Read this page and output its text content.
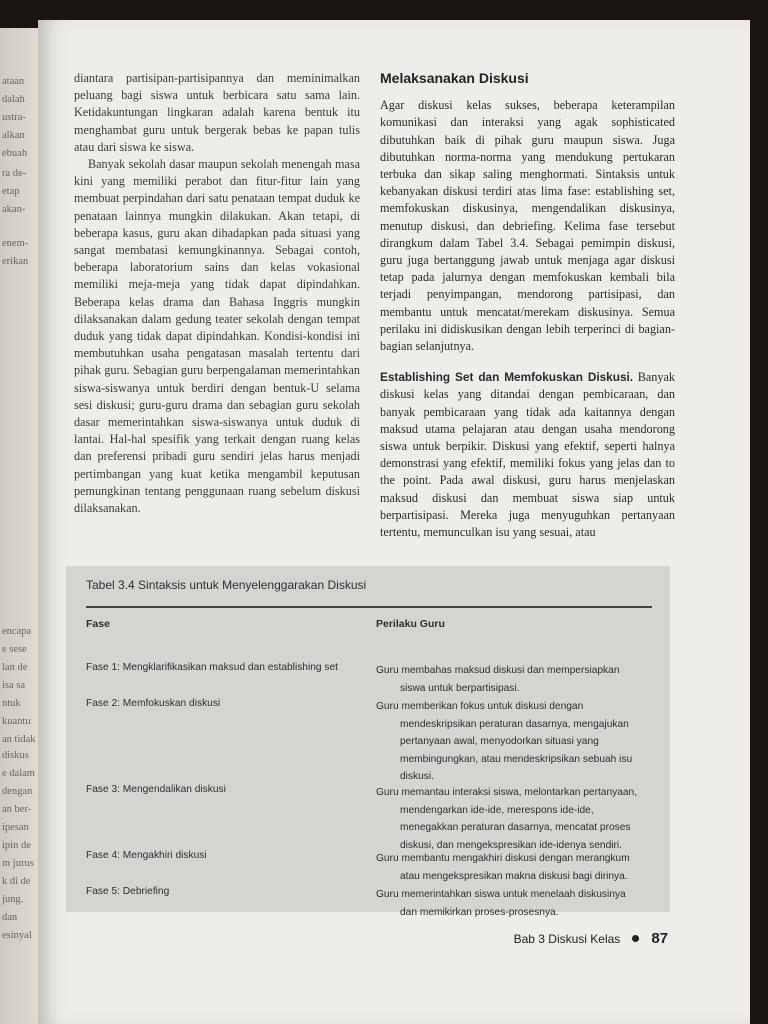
ataan
dalah
ustra-
alkan
ebuah
ra de-
etap
akan-
enem-
erikan
encapa
e sese
lan de
isa sa
ntuk
kuantu
an tidak
diskus
e dalam
dengan
an ber-
ipesan
ipin de
m jurus
k di de
jung.
dan
esinyal

diantara partisipan-partisipannya dan meminimalkan peluang bagi siswa untuk berbicara satu sama lain. Ketidakuntungan lingkaran adalah karena bentuk itu menghambat guru untuk bergerak bebas ke papan tulis atau dari siswa ke siswa.

Banyak sekolah dasar maupun sekolah menengah masa kini yang memiliki perabot dan fitur-fitur lain yang membuat perpindahan dari satu penataan tempat duduk ke penataan lainnya mungkin dilakukan. Akan tetapi, di beberapa kasus, guru akan dihadapkan pada situasi yang sangat membatasi kemungkinannya. Sebagai contoh, beberapa laboratorium sains dan kelas vokasional memiliki meja-meja yang tidak dapat dipindahkan. Beberapa kelas drama dan Bahasa Inggris mungkin dilaksanakan dalam gedung teater sekolah dengan tempat duduk yang tidak dapat dipindahkan. Kondisi-kondisi ini membutuhkan usaha pengatasan masalah tertentu dari pihak guru. Sebagian guru berpengalaman memerintahkan siswa-siswanya untuk berdiri dengan bentuk-U selama sesi diskusi; guru-guru drama dan sebagian guru sekolah dasar memerintahkan siswa-siswanya untuk duduk di lantai. Hal-hal spesifik yang terkait dengan ruang kelas dan preferensi pribadi guru sendiri jelas harus menjadi pertimbangan yang kuat ketika mengambil keputusan pemungkinan tentang penggunaan ruang sebelum diskusi dilaksanakan.

Melaksanakan Diskusi

Agar diskusi kelas sukses, beberapa keterampilan komunikasi dan interaksi yang agak sophisticated dibutuhkan baik di pihak guru maupun siswa. Juga dibutuhkan norma-norma yang mendukung pertukaran terbuka dan sikap saling menghormati. Sintaksis untuk kebanyakan diskusi terdiri atas lima fase: establishing set, memfokuskan diskusinya, mengendalikan diskusinya, menutup diskusi, dan debriefing. Kelima fase tersebut dirangkum dalam Tabel 3.4. Sebagai pemimpin diskusi, guru juga bertanggung jawab untuk menjaga agar diskusi tetap pada jalurnya dengan memfokuskan kembali bila terjadi penyimpangan, mendorong partisipasi, dan membantu untuk mencatat/merekam diskusinya. Semua perilaku ini didiskusikan dengan lebih terperinci di bagian-bagian selanjutnya.

Establishing Set dan Memfokuskan Diskusi. Banyak diskusi kelas yang ditandai dengan pembicaraan, dan banyak pembicaraan yang tidak ada kaitannya dengan maksud utama pelajaran atau dengan usaha mendorong siswa untuk berpikir. Diskusi yang efektif, seperti halnya demonstrasi yang efektif, memiliki fokus yang jelas dan to the point. Pada awal diskusi, guru harus menjelaskan maksud diskusi dan membuat siswa siap untuk berpartisipasi. Mereka juga menyuguhkan pertanyaan tertentu, memunculkan isu yang sesuai, atau

Tabel 3.4 Sintaksis untuk Menyelenggarakan Diskusi
Fase	Perilaku Guru
Fase 1: Mengklarifikasikan maksud dan establishing set	Guru membahas maksud diskusi dan mempersiapkan
siswa untuk berpartisipasi.
Fase 2: Memfokuskan diskusi	Guru memberikan fokus untuk diskusi dengan
mendeskripsikan peraturan dasarnya, mengajukan
pertanyaan awal, menyodorkan situasi yang
membingungkan, atau mendeskripsikan sebuah isu
diskusi.
Fase 3: Mengendalikan diskusi	Guru memantau interaksi siswa, melontarkan pertanyaan,
mendengarkan ide-ide, merespons ide-ide,
menegakkan peraturan dasarnya, mencatat proses
diskusi, dan mengekspresikan ide-idenya sendiri.
Fase 4: Mengakhiri diskusi	Guru membantu mengakhiri diskusi dengan merangkum
atau mengekspresikan makna diskusi bagi dirinya.
Fase 5: Debriefing	Guru memerintahkan siswa untuk menelaah diskusinya
dan memikirkan proses-prosesnya.
Bab 3 Diskusi Kelas 87
